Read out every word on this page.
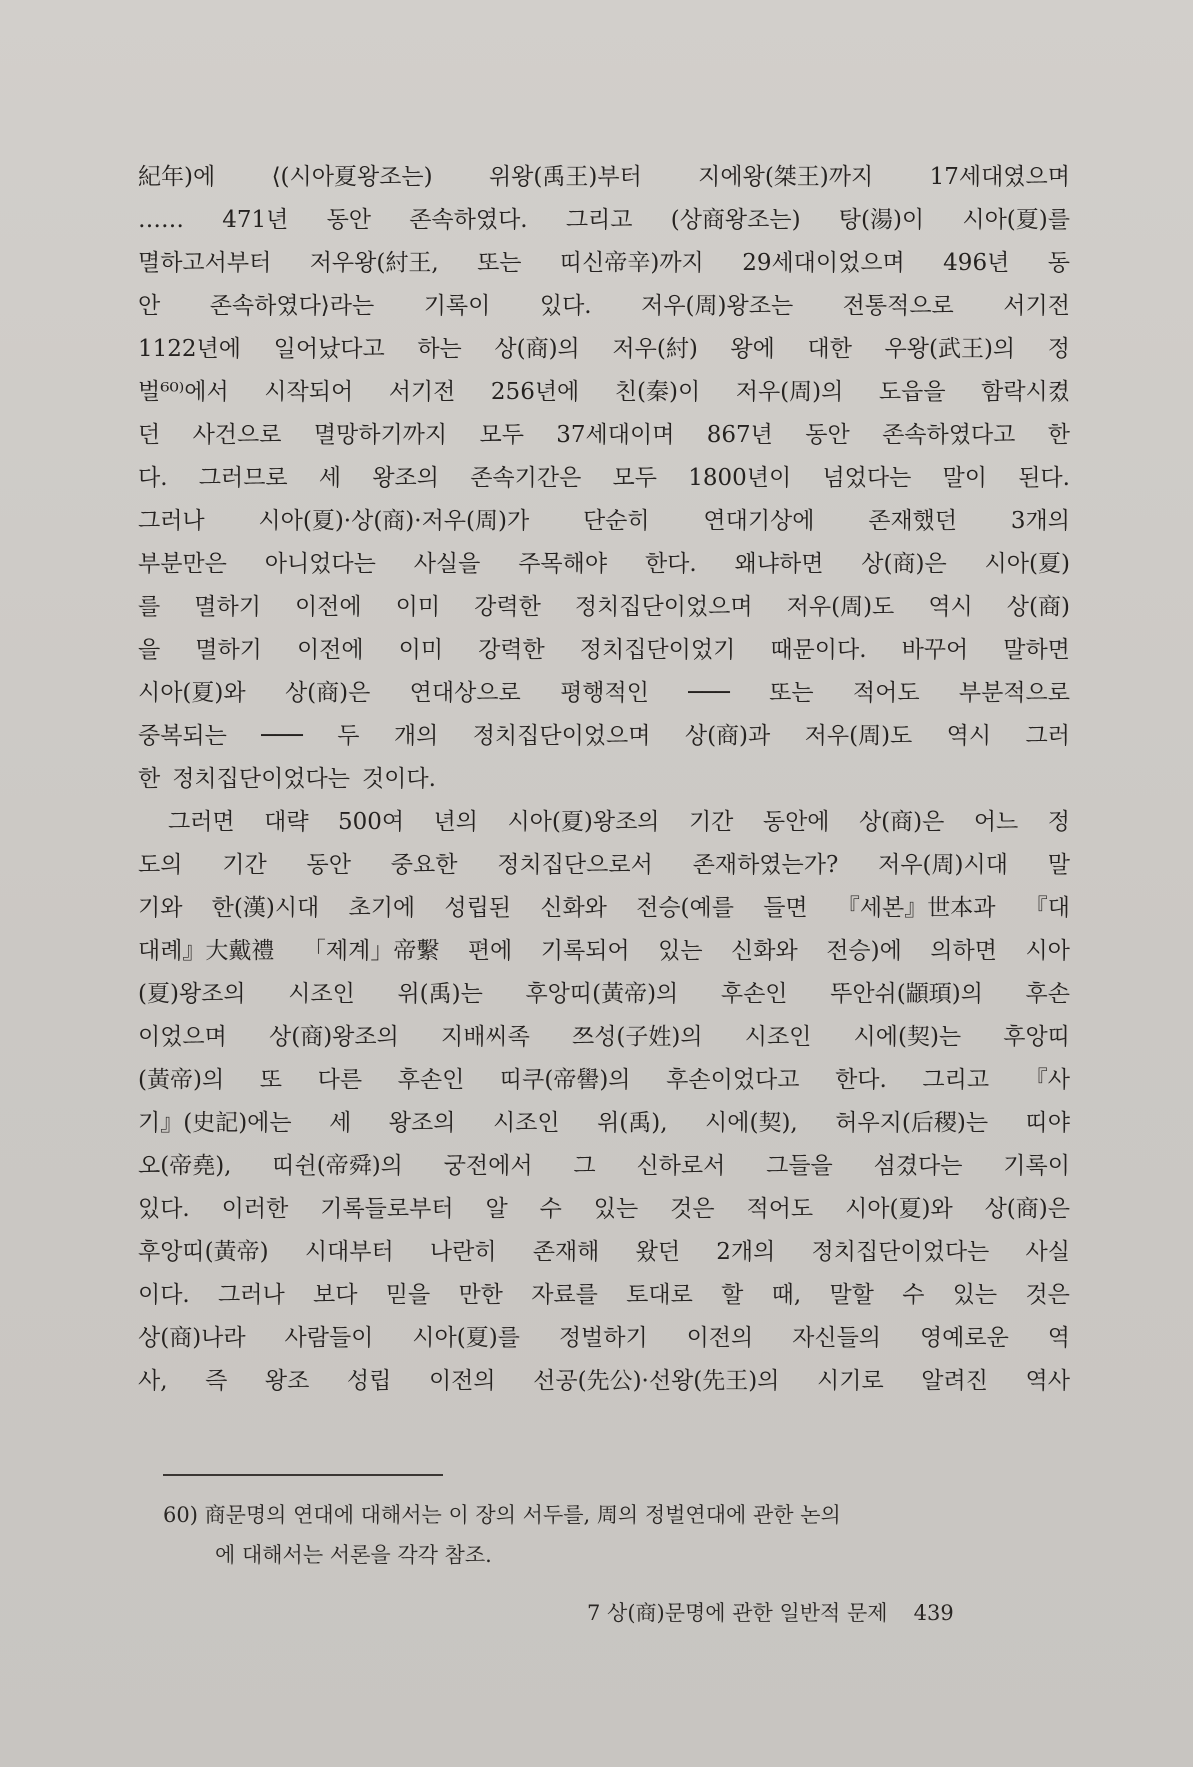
紀年)에 ⟨(시아夏왕조는) 위왕(禹王)부터 지에왕(桀王)까지 17세대였으며
…… 471년 동안 존속하였다. 그리고 (상商왕조는) 탕(湯)이 시아(夏)를
멸하고서부터 저우왕(紂王, 또는 띠신帝辛)까지 29세대이었으며 496년 동
안 존속하였다⟩라는 기록이 있다. 저우(周)왕조는 전통적으로 서기전
1122년에 일어났다고 하는 상(商)의 저우(紂) 왕에 대한 우왕(武王)의 정
벌⁶⁰⁾에서 시작되어 서기전 256년에 친(秦)이 저우(周)의 도읍을 함락시켰
던 사건으로 멸망하기까지 모두 37세대이며 867년 동안 존속하였다고 한
다. 그러므로 세 왕조의 존속기간은 모두 1800년이 넘었다는 말이 된다.
그러나 시아(夏)·상(商)·저우(周)가 단순히 연대기상에 존재했던 3개의
부분만은 아니었다는 사실을 주목해야 한다. 왜냐하면 상(商)은 시아(夏)
를 멸하기 이전에 이미 강력한 정치집단이었으며 저우(周)도 역시 상(商)
을 멸하기 이전에 이미 강력한 정치집단이었기 때문이다. 바꾸어 말하면
시아(夏)와 상(商)은 연대상으로 평행적인 ─── 또는 적어도 부분적으로
중복되는 ─── 두 개의 정치집단이었으며 상(商)과 저우(周)도 역시 그러
한 정치집단이었다는 것이다.
그러면 대략 500여 년의 시아(夏)왕조의 기간 동안에 상(商)은 어느 정
도의 기간 동안 중요한 정치집단으로서 존재하였는가? 저우(周)시대 말
기와 한(漢)시대 초기에 성립된 신화와 전승(예를 들면 『세본』世本과 『대
대례』大戴禮 「제계」帝繫 편에 기록되어 있는 신화와 전승)에 의하면 시아
(夏)왕조의 시조인 위(禹)는 후앙띠(黃帝)의 후손인 뚜안쉬(顓頊)의 후손
이었으며 상(商)왕조의 지배씨족 쯔성(子姓)의 시조인 시에(契)는 후앙띠
(黃帝)의 또 다른 후손인 띠쿠(帝嚳)의 후손이었다고 한다. 그리고 『사
기』(史記)에는 세 왕조의 시조인 위(禹), 시에(契), 허우지(后稷)는 띠야
오(帝堯), 띠쉰(帝舜)의 궁전에서 그 신하로서 그들을 섬겼다는 기록이
있다. 이러한 기록들로부터 알 수 있는 것은 적어도 시아(夏)와 상(商)은
후앙띠(黃帝) 시대부터 나란히 존재해 왔던 2개의 정치집단이었다는 사실
이다. 그러나 보다 믿을 만한 자료를 토대로 할 때, 말할 수 있는 것은
상(商)나라 사람들이 시아(夏)를 정벌하기 이전의 자신들의 영예로운 역
사, 즉 왕조 성립 이전의 선공(先公)·선왕(先王)의 시기로 알려진 역사
60) 商문명의 연대에 대해서는 이 장의 서두를, 周의 정벌연대에 관한 논의
에 대해서는 서론을 각각 참조.
7 상(商)문명에 관한 일반적 문제 439
